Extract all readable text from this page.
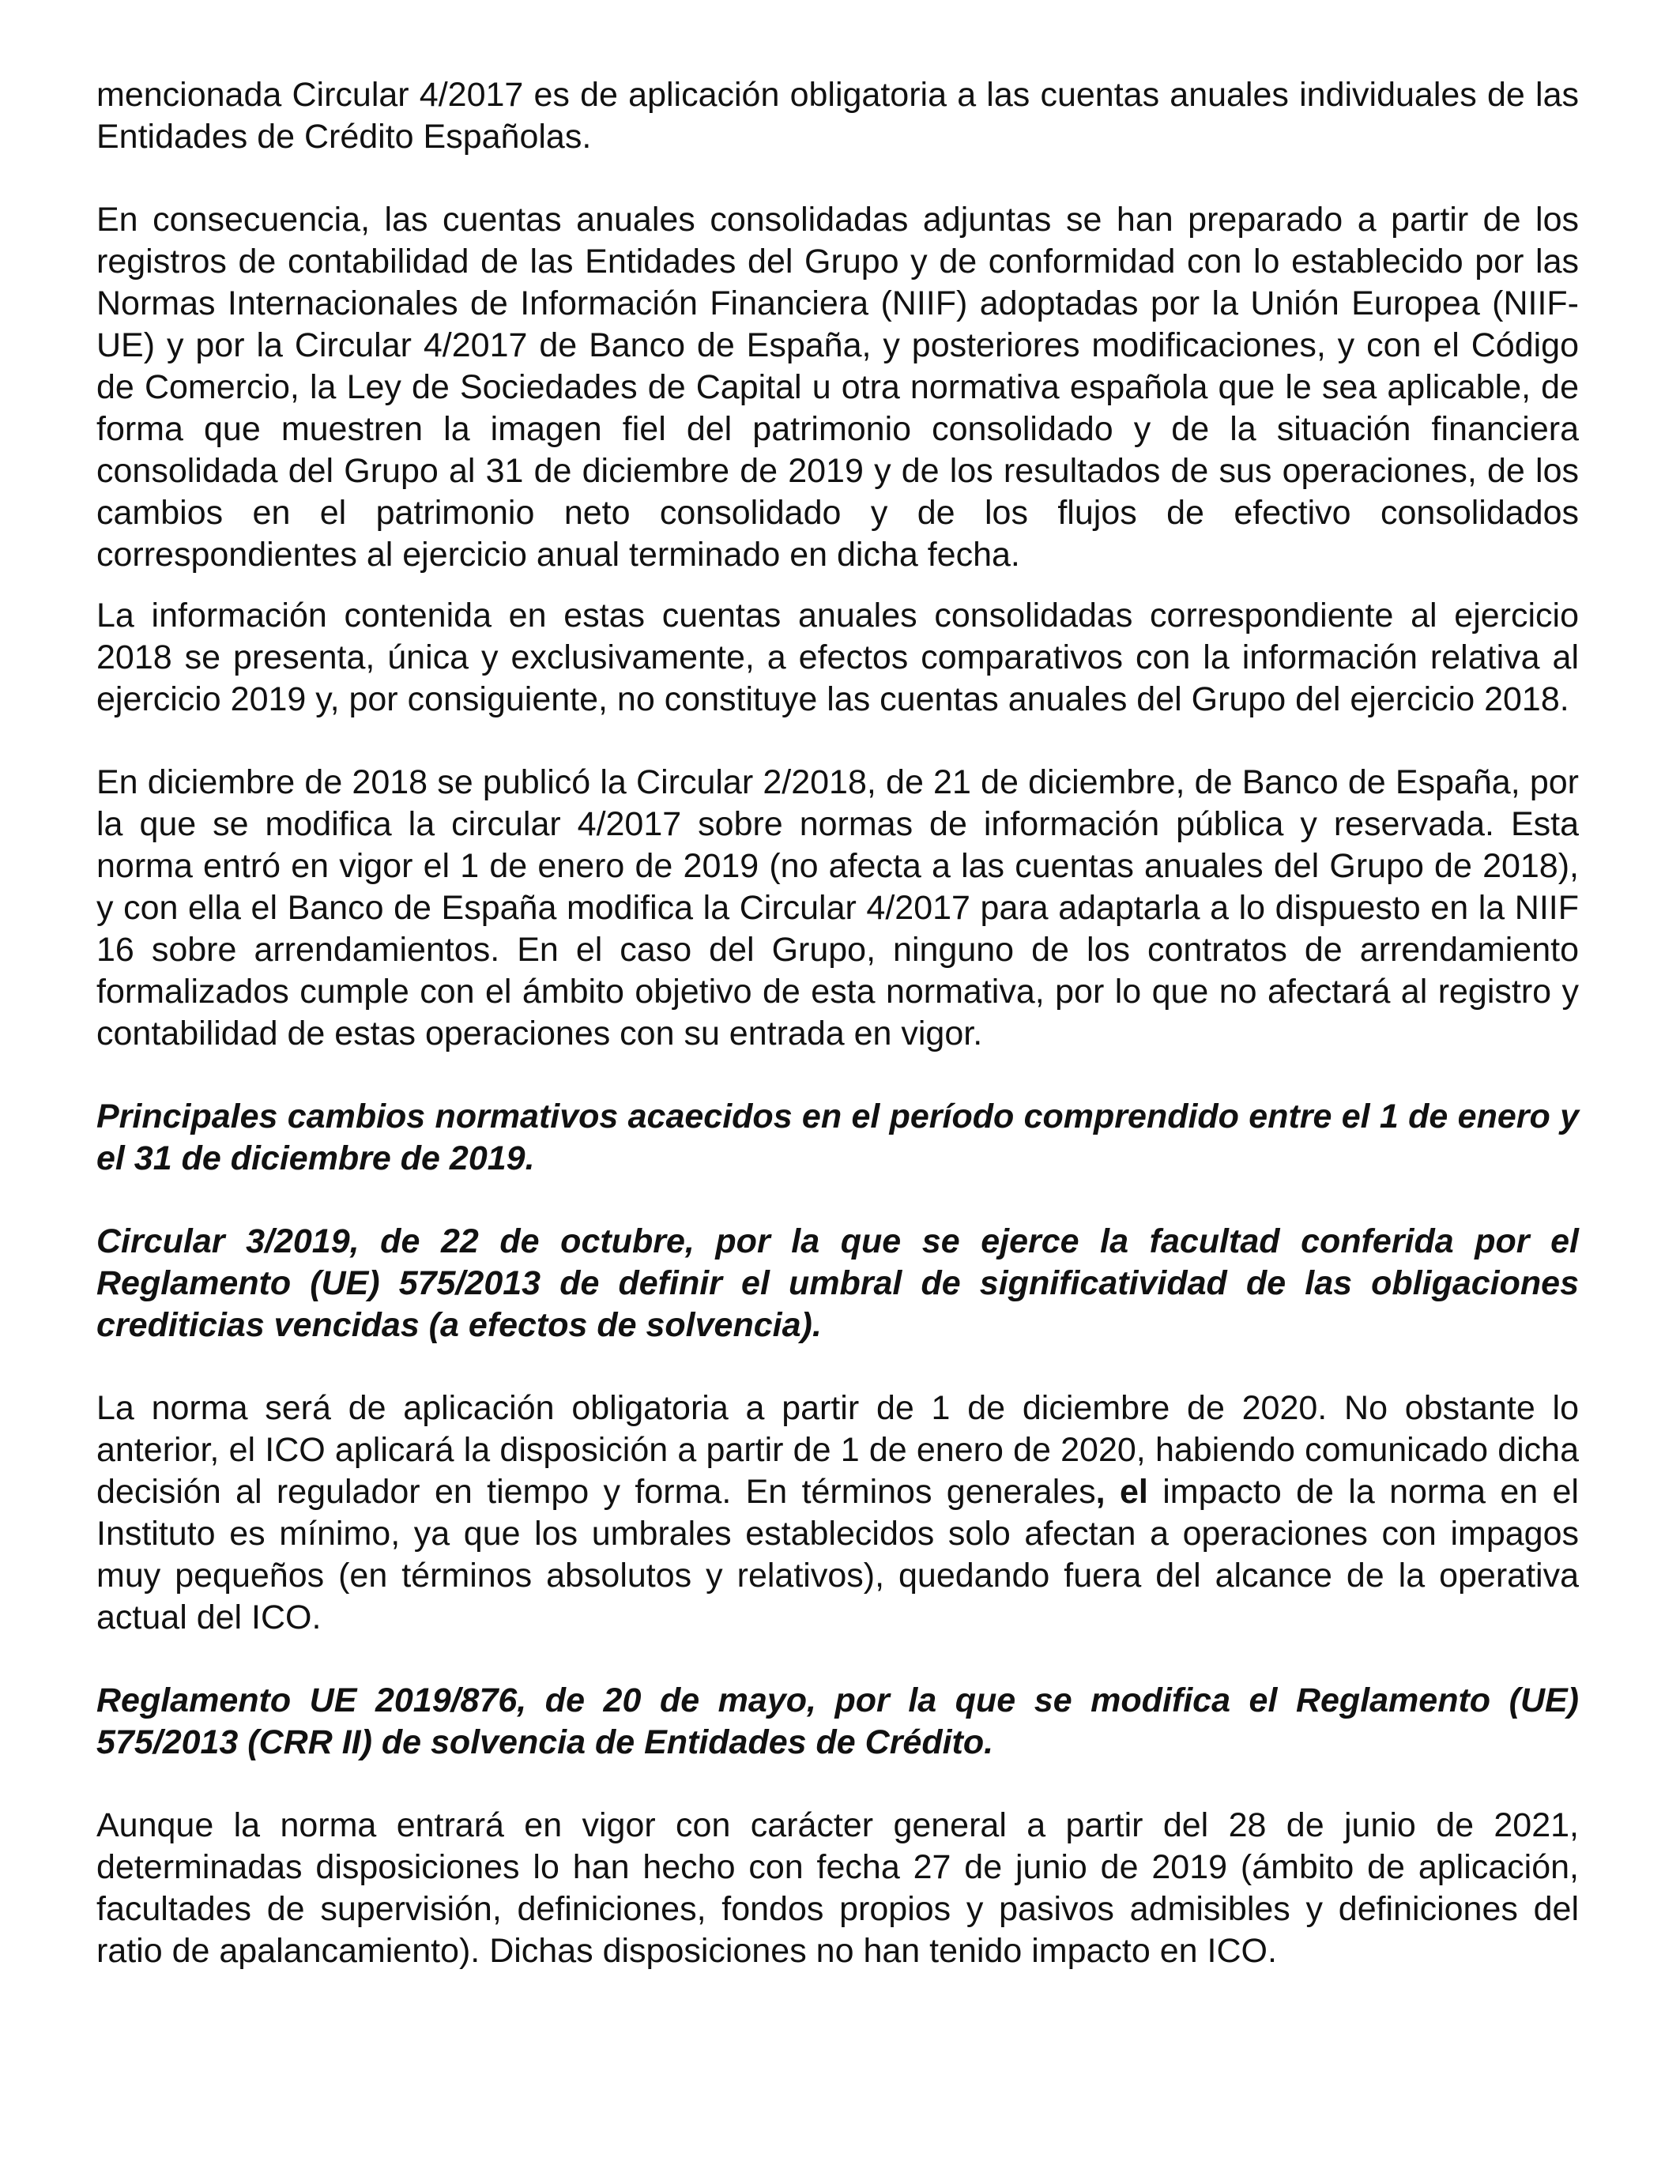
mencionada Circular 4/2017 es de aplicación obligatoria a las cuentas anuales individuales de las Entidades de Crédito Españolas.

En consecuencia, las cuentas anuales consolidadas adjuntas se han preparado a partir de los registros de contabilidad de las Entidades del Grupo y de conformidad con lo establecido por las Normas Internacionales de Información Financiera (NIIF) adoptadas por la Unión Europea (NIIF-UE) y por la Circular 4/2017 de Banco de España, y posteriores modificaciones, y con el Código de Comercio, la Ley de Sociedades de Capital u otra normativa española que le sea aplicable, de forma que muestren la imagen fiel del patrimonio consolidado y de la situación financiera consolidada del Grupo al 31 de diciembre de 2019 y de los resultados de sus operaciones, de los cambios en el patrimonio neto consolidado y de los flujos de efectivo consolidados correspondientes al ejercicio anual terminado en dicha fecha.

La información contenida en estas cuentas anuales consolidadas correspondiente al ejercicio 2018 se presenta, única y exclusivamente, a efectos comparativos con la información relativa al ejercicio 2019 y, por consiguiente, no constituye las cuentas anuales del Grupo del ejercicio 2018.

En diciembre de 2018 se publicó la Circular 2/2018, de 21 de diciembre, de Banco de España, por la que se modifica la circular 4/2017 sobre normas de información pública y reservada. Esta norma entró en vigor el 1 de enero de 2019 (no afecta a las cuentas anuales del Grupo de 2018), y con ella el Banco de España modifica la Circular 4/2017 para adaptarla a lo dispuesto en la NIIF 16 sobre arrendamientos. En el caso del Grupo, ninguno de los contratos de arrendamiento formalizados cumple con el ámbito objetivo de esta normativa, por lo que no afectará al registro y contabilidad de estas operaciones con su entrada en vigor.

Principales cambios normativos acaecidos en el período comprendido entre el 1 de enero y el 31 de diciembre de 2019.

Circular 3/2019, de 22 de octubre, por la que se ejerce la facultad conferida por el Reglamento (UE) 575/2013 de definir el umbral de significatividad de las obligaciones crediticias vencidas (a efectos de solvencia).

La norma será de aplicación obligatoria a partir de 1 de diciembre de 2020. No obstante lo anterior, el ICO aplicará la disposición a partir de 1 de enero de 2020, habiendo comunicado dicha decisión al regulador en tiempo y forma. En términos generales, el impacto de la norma en el Instituto es mínimo, ya que los umbrales establecidos solo afectan a operaciones con impagos muy pequeños (en términos absolutos y relativos), quedando fuera del alcance de la operativa actual del ICO.

Reglamento UE 2019/876, de 20 de mayo, por la que se modifica el Reglamento (UE) 575/2013 (CRR II) de solvencia de Entidades de Crédito.

Aunque la norma entrará en vigor con carácter general a partir del 28 de junio de 2021, determinadas disposiciones lo han hecho con fecha 27 de junio de 2019 (ámbito de aplicación, facultades de supervisión, definiciones, fondos propios y pasivos admisibles y definiciones del ratio de apalancamiento). Dichas disposiciones no han tenido impacto en ICO.
